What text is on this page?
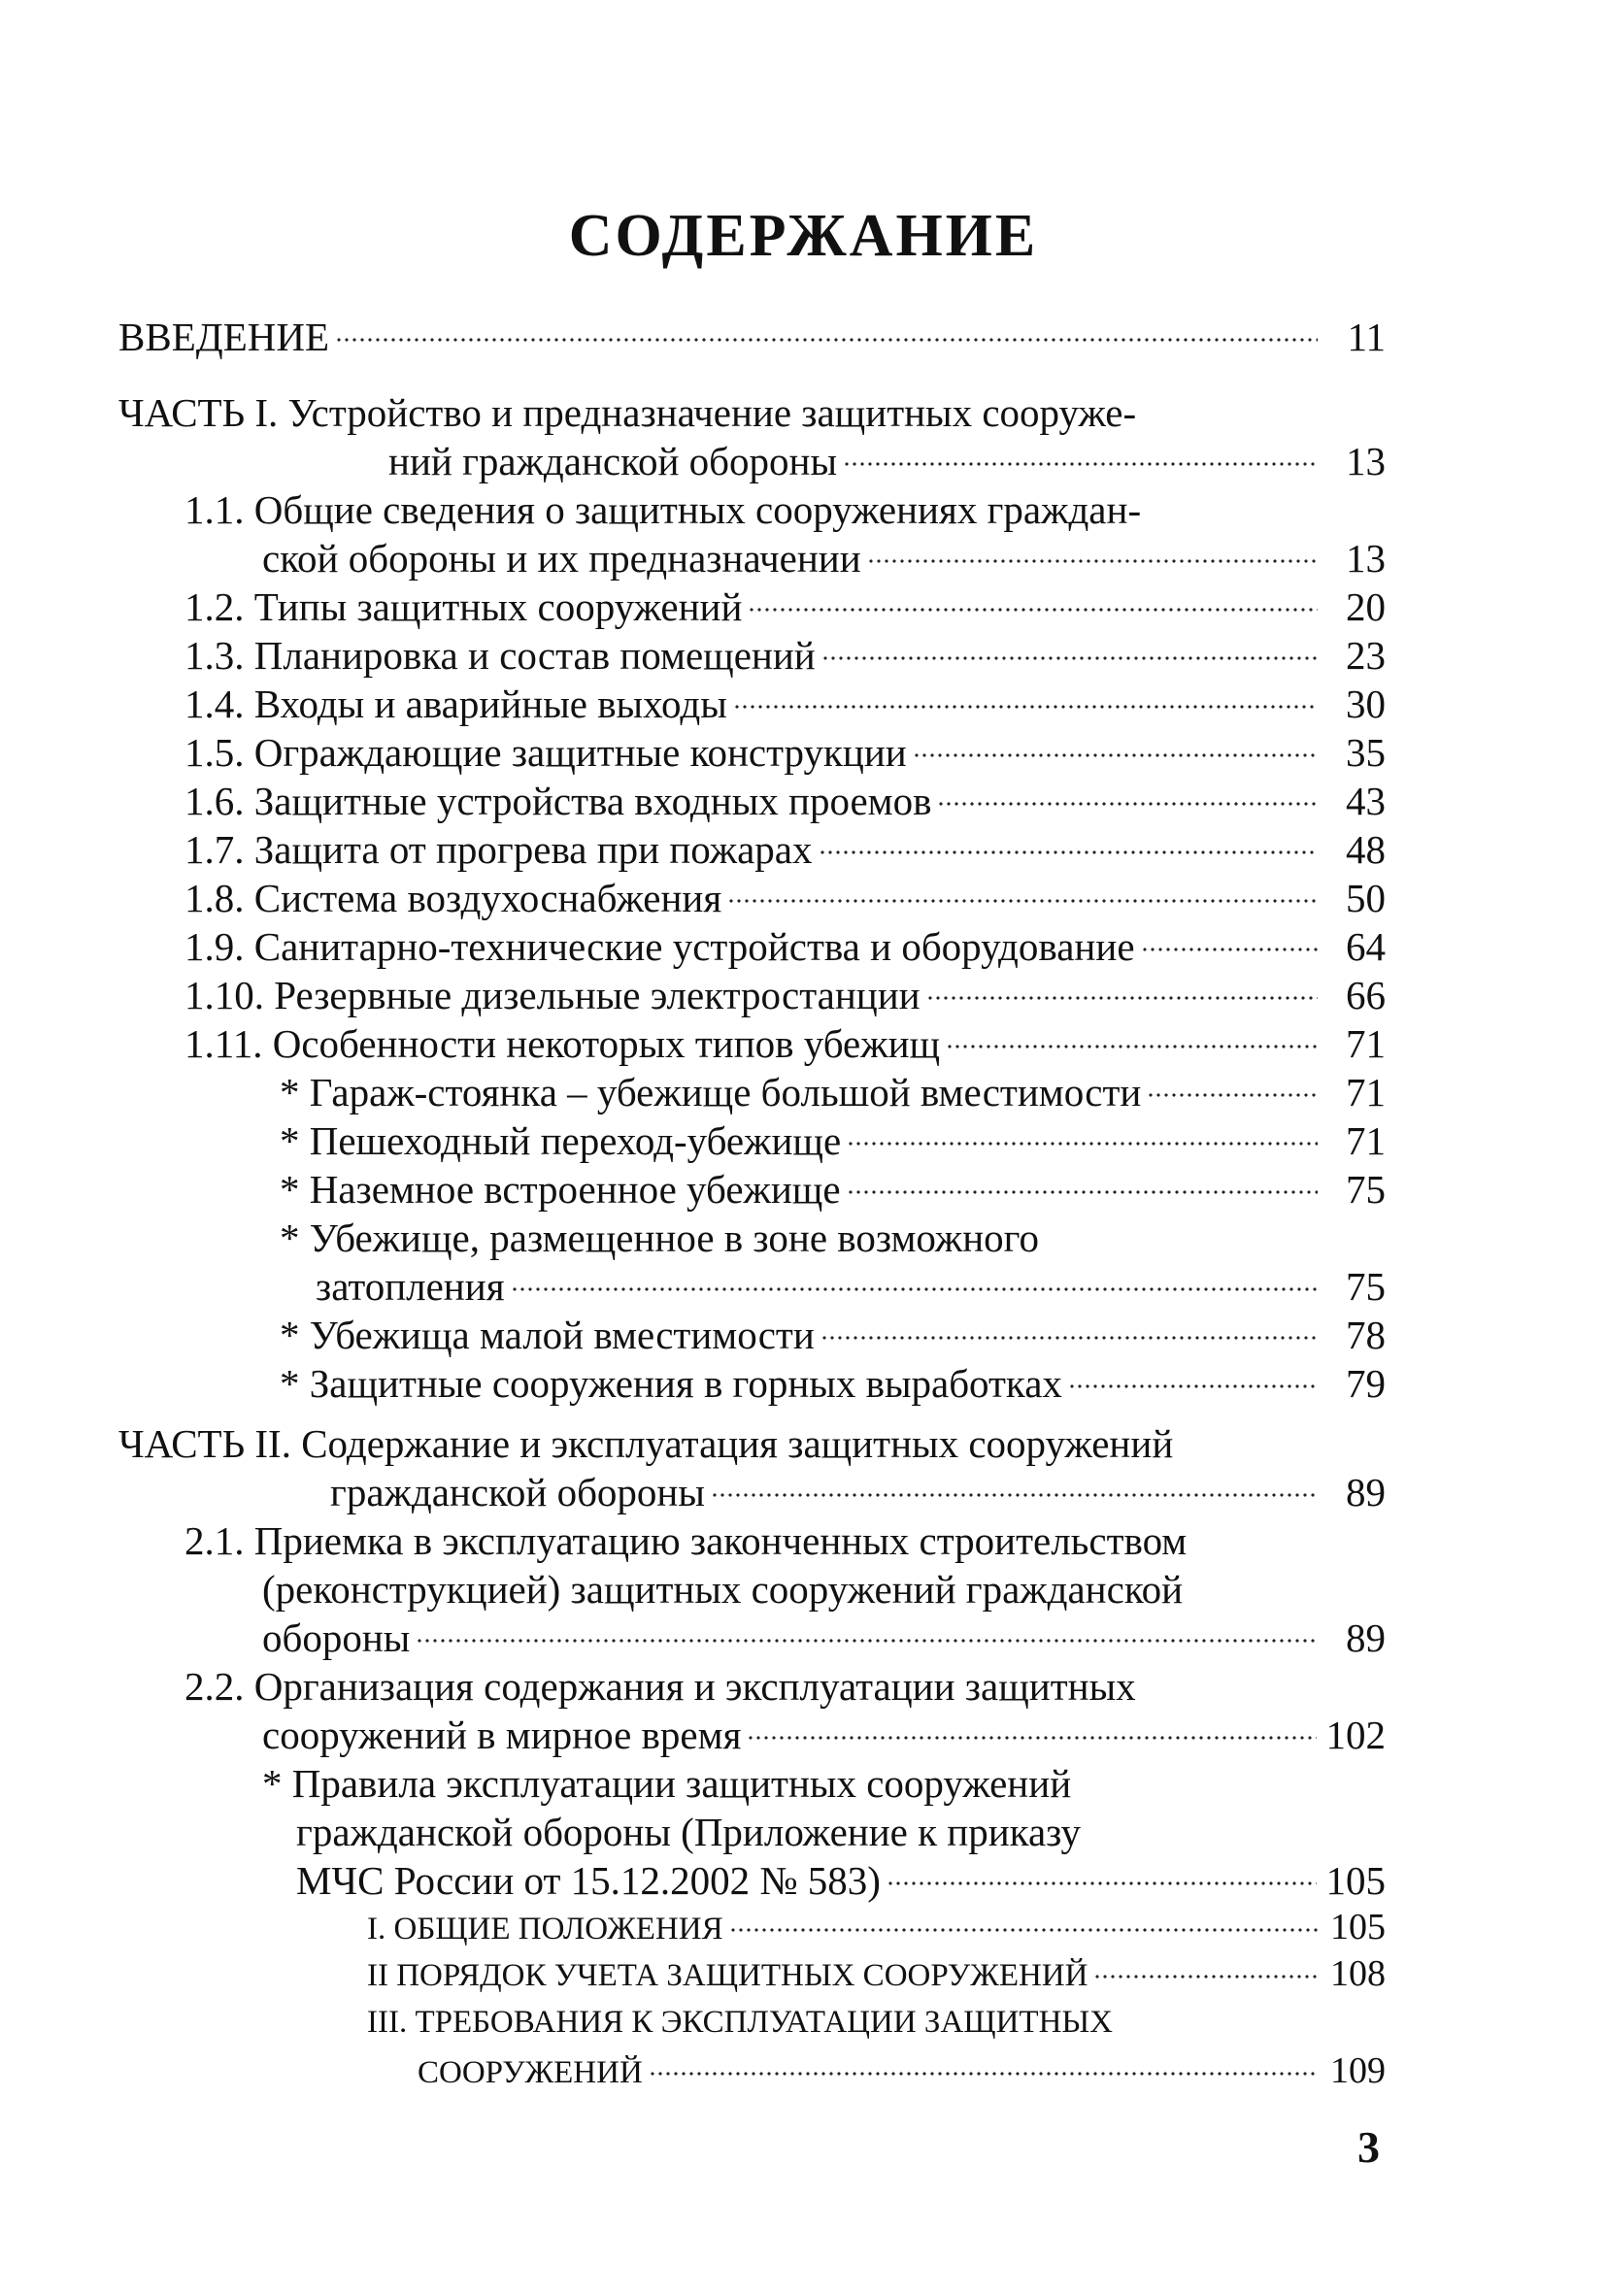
СОДЕРЖАНИЕ
ВВЕДЕНИЕ	11
ЧАСТЬ I. Устройство и предназначение защитных сооруже-
ний гражданской обороны	13
1.1. Общие сведения о защитных сооружениях граждан-
ской обороны и их предназначении	13
1.2. Типы защитных сооружений	20
1.3. Планировка и состав помещений	23
1.4. Входы и аварийные выходы	30
1.5. Ограждающие защитные конструкции	35
1.6. Защитные устройства входных проемов	43
1.7. Защита от прогрева при пожарах	48
1.8. Система воздухоснабжения	50
1.9. Санитарно-технические устройства и оборудование	64
1.10. Резервные дизельные электростанции	66
1.11. Особенности некоторых типов убежищ	71
* Гараж-стоянка – убежище большой вместимости	71
* Пешеходный переход-убежище	71
* Наземное встроенное убежище	75
* Убежище, размещенное в зоне возможного
затопления	75
* Убежища малой вместимости	78
* Защитные сооружения в горных выработках	79
ЧАСТЬ II. Содержание и эксплуатация защитных сооружений
гражданской обороны	89
2.1. Приемка в эксплуатацию законченных строительством
(реконструкцией) защитных сооружений гражданской
обороны	89
2.2. Организация содержания и эксплуатации защитных
сооружений в мирное время	102
* Правила эксплуатации защитных сооружений
гражданской обороны (Приложение к приказу
МЧС России от 15.12.2002 № 583)	105
I. ОБЩИЕ ПОЛОЖЕНИЯ	105
II ПОРЯДОК УЧЕТА ЗАЩИТНЫХ СООРУЖЕНИЙ	108
III. ТРЕБОВАНИЯ К ЭКСПЛУАТАЦИИ ЗАЩИТНЫХ
СООРУЖЕНИЙ	109
3
